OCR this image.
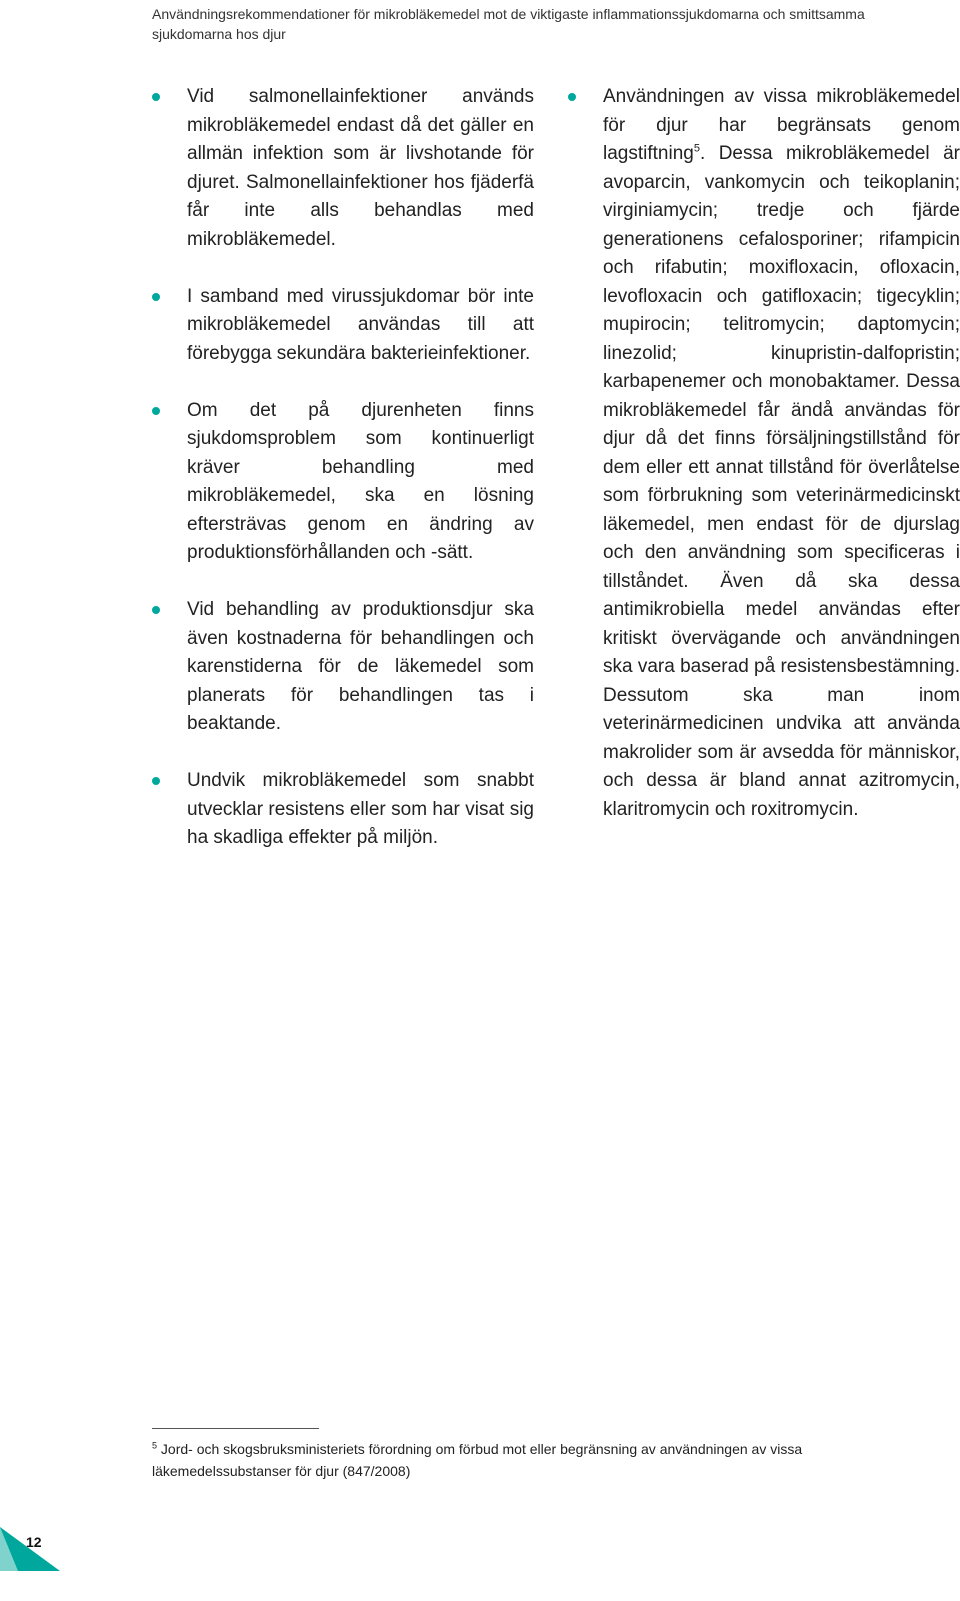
Användningsrekommendationer för mikrobläkemedel mot de viktigaste inflammationssjukdomarna och smittsamma sjukdomarna hos djur
Vid salmonellainfektioner används mikrobläkemedel endast då det gäller en allmän infektion som är livshotande för djuret. Salmonellainfektioner hos fjäderfä får inte alls behandlas med mikrobläkemedel.
I samband med virussjukdomar bör inte mikrobläkemedel användas till att förebygga sekundära bakterieinfektioner.
Om det på djurenheten finns sjukdomsproblem som kontinuerligt kräver behandling med mikrobläkemedel, ska en lösning eftersträvas genom en ändring av produktionsförhållanden och -sätt.
Vid behandling av produktionsdjur ska även kostnaderna för behandlingen och karenstiderna för de läkemedel som planerats för behandlingen tas i beaktande.
Undvik mikrobläkemedel som snabbt utvecklar resistens eller som har visat sig ha skadliga effekter på miljön.
Användningen av vissa mikrobläkemedel för djur har begränsats genom lagstiftning$^5$. Dessa mikrobläkemedel är avoparcin, vankomycin och teikoplanin; virginiamycin; tredje och fjärde generationens cefalosporiner; rifampicin och rifabutin; moxifloxacin, ofloxacin, levofloxacin och gatifloxacin; tigecyklin; mupirocin; telitromycin; daptomycin; linezolid; kinupristin-dalfopristin; karbapenemer och monobaktamer. Dessa mikrobläkemedel får ändå användas för djur då det finns försäljningstillstånd för dem eller ett annat tillstånd för överlåtelse som förbrukning som veterinärmedicinskt läkemedel, men endast för de djurslag och den användning som specificeras i tillståndet. Även då ska dessa antimikrobiella medel användas efter kritiskt övervägande och användningen ska vara baserad på resistensbestämning. Dessutom ska man inom veterinärmedicinen undvika att använda makrolider som är avsedda för människor, och dessa är bland annat azitromycin, klaritromycin och roxitromycin.
$^5$ Jord- och skogsbruksministeriets förordning om förbud mot eller begränsning av användningen av vissa läkemedelssubstanser för djur (847/2008)
12
